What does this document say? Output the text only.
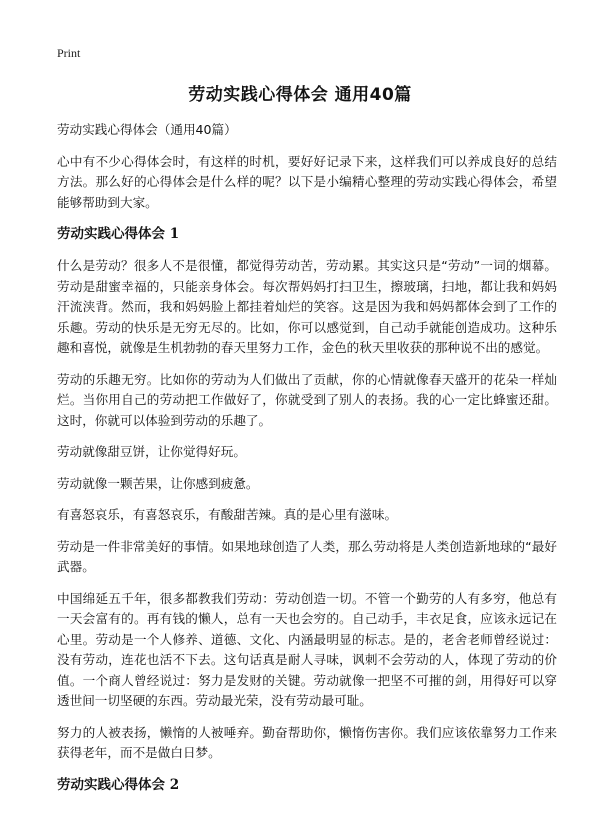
Print
劳动实践心得体会 通用40篇

劳动实践心得体会（通用40篇）

心中有不少心得体会时，有这样的时机，要好好记录下来，这样我们可以养成良好的总结方法。那么好的心得体会是什么样的呢？以下是小编精心整理的劳动实践心得体会，希望能够帮助到大家。

劳动实践心得体会 1

什么是劳动？很多人不是很懂，都觉得劳动苦，劳动累。其实这只是“劳动”一词的烟幕。劳动是甜蜜幸福的，只能亲身体会。每次帮妈妈打扫卫生，擦玻璃，扫地，都让我和妈妈汗流浃背。然而，我和妈妈脸上都挂着灿烂的笑容。这是因为我和妈妈都体会到了工作的乐趣。劳动的快乐是无穷无尽的。比如，你可以感觉到，自己动手就能创造成功。这种乐趣和喜悦，就像是生机勃勃的春天里努力工作，金色的秋天里收获的那种说不出的感觉。

劳动的乐趣无穷。比如你的劳动为人们做出了贡献，你的心情就像春天盛开的花朵一样灿烂。当你用自己的劳动把工作做好了，你就受到了别人的表扬。我的心一定比蜂蜜还甜。这时，你就可以体验到劳动的乐趣了。

劳动就像甜豆饼，让你觉得好玩。

劳动就像一颗苦果，让你感到疲惫。

有喜怒哀乐，有喜怒哀乐，有酸甜苦辣。真的是心里有滋味。

劳动是一件非常美好的事情。如果地球创造了人类，那么劳动将是人类创造新地球的“最好武器。

中国绵延五千年，很多都教我们劳动：劳动创造一切。不管一个勤劳的人有多穷，他总有一天会富有的。再有钱的懒人，总有一天也会穷的。自己动手，丰衣足食，应该永远记在心里。劳动是一个人修养、道德、文化、内涵最明显的标志。是的，老舍老师曾经说过：没有劳动，连花也活不下去。这句话真是耐人寻味，讽刺不会劳动的人，体现了劳动的价值。一个商人曾经说过：努力是发财的关键。劳动就像一把坚不可摧的剑，用得好可以穿透世间一切坚硬的东西。劳动最光荣，没有劳动最可耻。

努力的人被表扬，懒惰的人被唾弃。勤奋帮助你，懒惰伤害你。我们应该依靠努力工作来获得老年，而不是做白日梦。

劳动实践心得体会 2
